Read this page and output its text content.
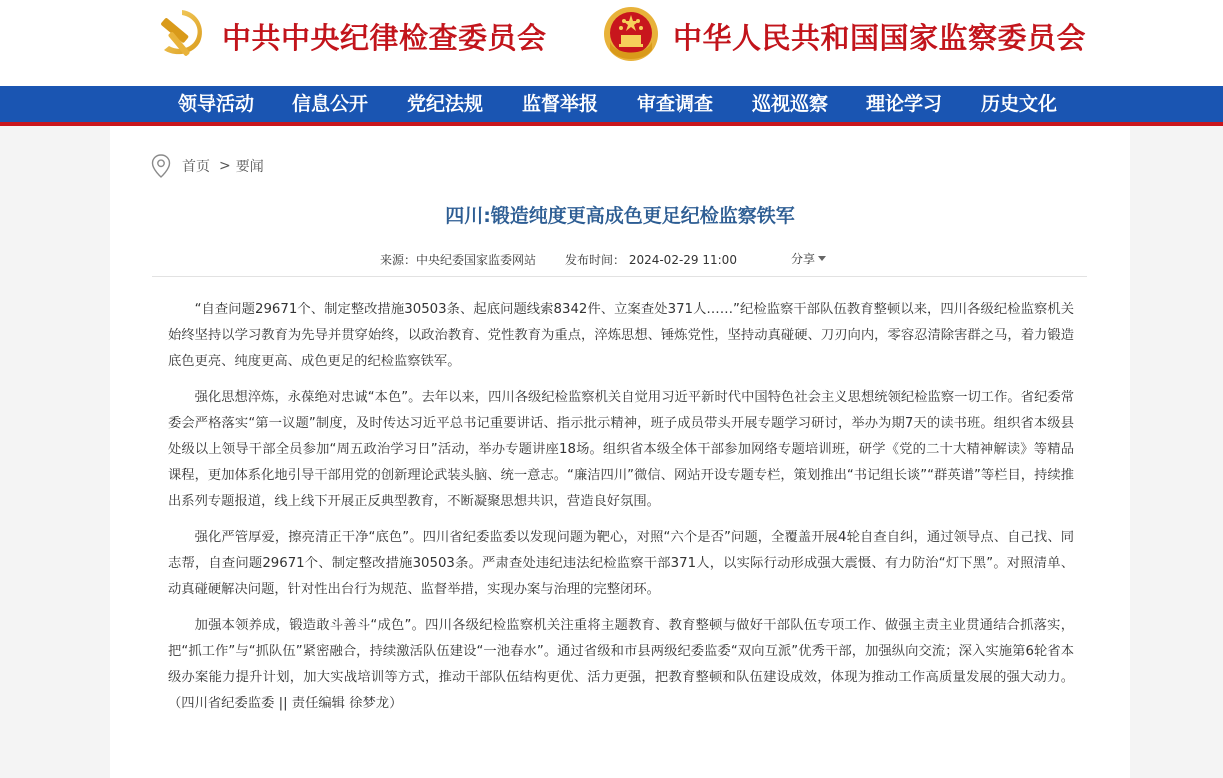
中共中央纪律检查委员会	中华人民共和国国家监察委员会
领导活动 信息公开 党纪法规 监督举报 审查调查 巡视巡察 理论学习 历史文化
首页 > 要闻
四川:锻造纯度更高成色更足纪检监察铁军
来源：中央纪委国家监委网站 发布时间： 2024-02-29 11:00	分享

“自查问题29671个、制定整改措施30503条、起底问题线索8342件、立案查处371人……”纪检监察干部队伍教育整顿以来，四川各级纪检监察机关始终坚持以学习教育为先导并贯穿始终，以政治教育、党性教育为重点，淬炼思想、锤炼党性，坚持动真碰硬、刀刃向内，零容忍清除害群之马，着力锻造底色更亮、纯度更高、成色更足的纪检监察铁军。

强化思想淬炼，永葆绝对忠诚“本色”。去年以来，四川各级纪检监察机关自觉用习近平新时代中国特色社会主义思想统领纪检监察一切工作。省纪委常委会严格落实“第一议题”制度，及时传达习近平总书记重要讲话、指示批示精神，班子成员带头开展专题学习研讨，举办为期7天的读书班。组织省本级县处级以上领导干部全员参加“周五政治学习日”活动，举办专题讲座18场。组织省本级全体干部参加网络专题培训班，研学《党的二十大精神解读》等精品课程，更加体系化地引导干部用党的创新理论武装头脑、统一意志。“廉洁四川”微信、网站开设专题专栏，策划推出“书记组长谈”“群英谱”等栏目，持续推出系列专题报道，线上线下开展正反典型教育，不断凝聚思想共识，营造良好氛围。

强化严管厚爱，擦亮清正干净“底色”。四川省纪委监委以发现问题为靶心，对照“六个是否”问题，全覆盖开展4轮自查自纠，通过领导点、自己找、同志帮，自查问题29671个、制定整改措施30503条。严肃查处违纪违法纪检监察干部371人，以实际行动形成强大震慑、有力防治“灯下黑”。对照清单、动真碰硬解决问题，针对性出台行为规范、监督举措，实现办案与治理的完整闭环。

加强本领养成，锻造敢斗善斗“成色”。四川各级纪检监察机关注重将主题教育、教育整顿与做好干部队伍专项工作、做强主责主业贯通结合抓落实，把“抓工作”与“抓队伍”紧密融合，持续激活队伍建设“一池春水”。通过省级和市县两级纪委监委“双向互派”优秀干部，加强纵向交流；深入实施第6轮省本级办案能力提升计划，加大实战培训等方式，推动干部队伍结构更优、活力更强，把教育整顿和队伍建设成效，体现为推动工作高质量发展的强大动力。 （四川省纪委监委 || 责任编辑 徐梦龙）
